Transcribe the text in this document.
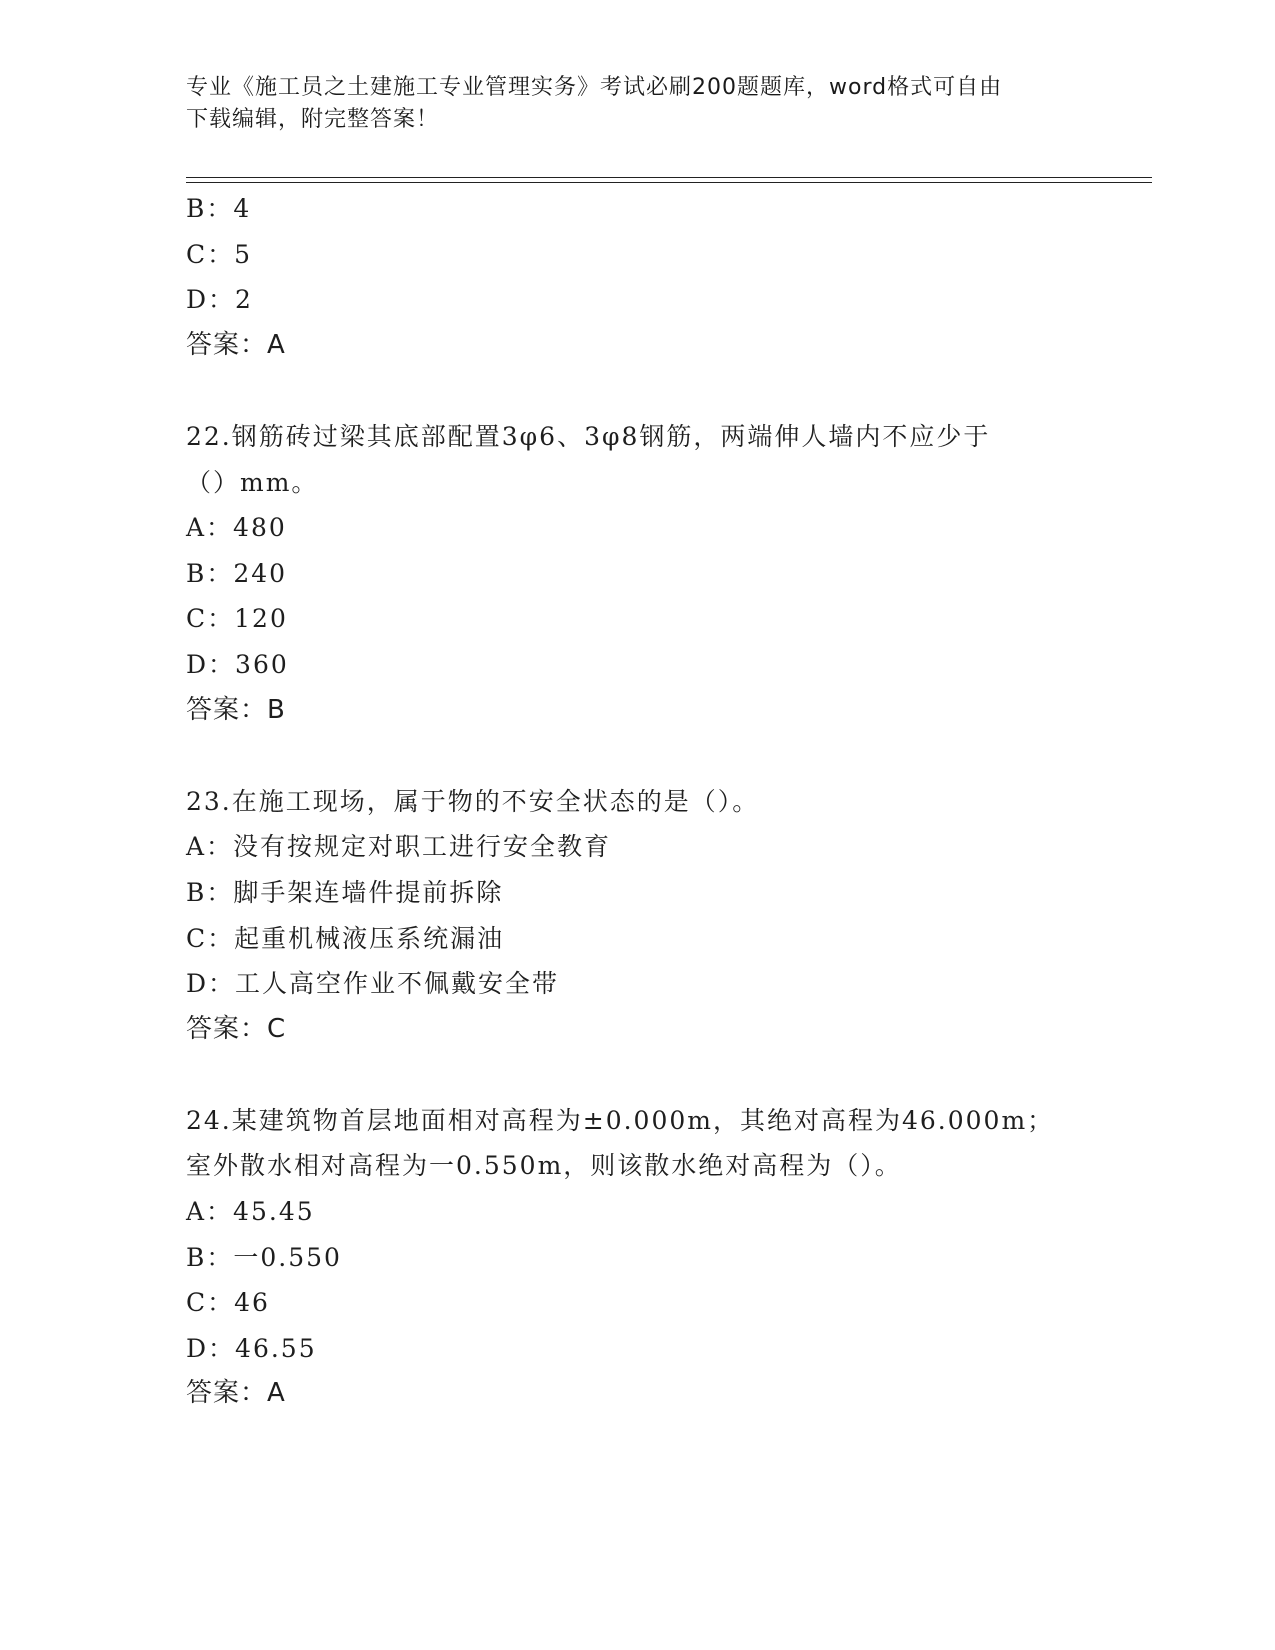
专业《施工员之土建施工专业管理实务》考试必刷200题题库，word格式可自由
下载编辑，附完整答案！
B：4
C：5
D：2
答案：A
22.钢筋砖过梁其底部配置3φ6、3φ8钢筋，两端伸人墙内不应少于
（）mm。
A：480
B：240
C：120
D：360
答案：B
23.在施工现场，属于物的不安全状态的是（）。
A：没有按规定对职工进行安全教育
B：脚手架连墙件提前拆除
C：起重机械液压系统漏油
D：工人高空作业不佩戴安全带
答案：C
24.某建筑物首层地面相对高程为±0.000m，其绝对高程为46.000m；
室外散水相对高程为一0.550m，则该散水绝对高程为（）。
A：45.45
B：一0.550
C：46
D：46.55
答案：A
